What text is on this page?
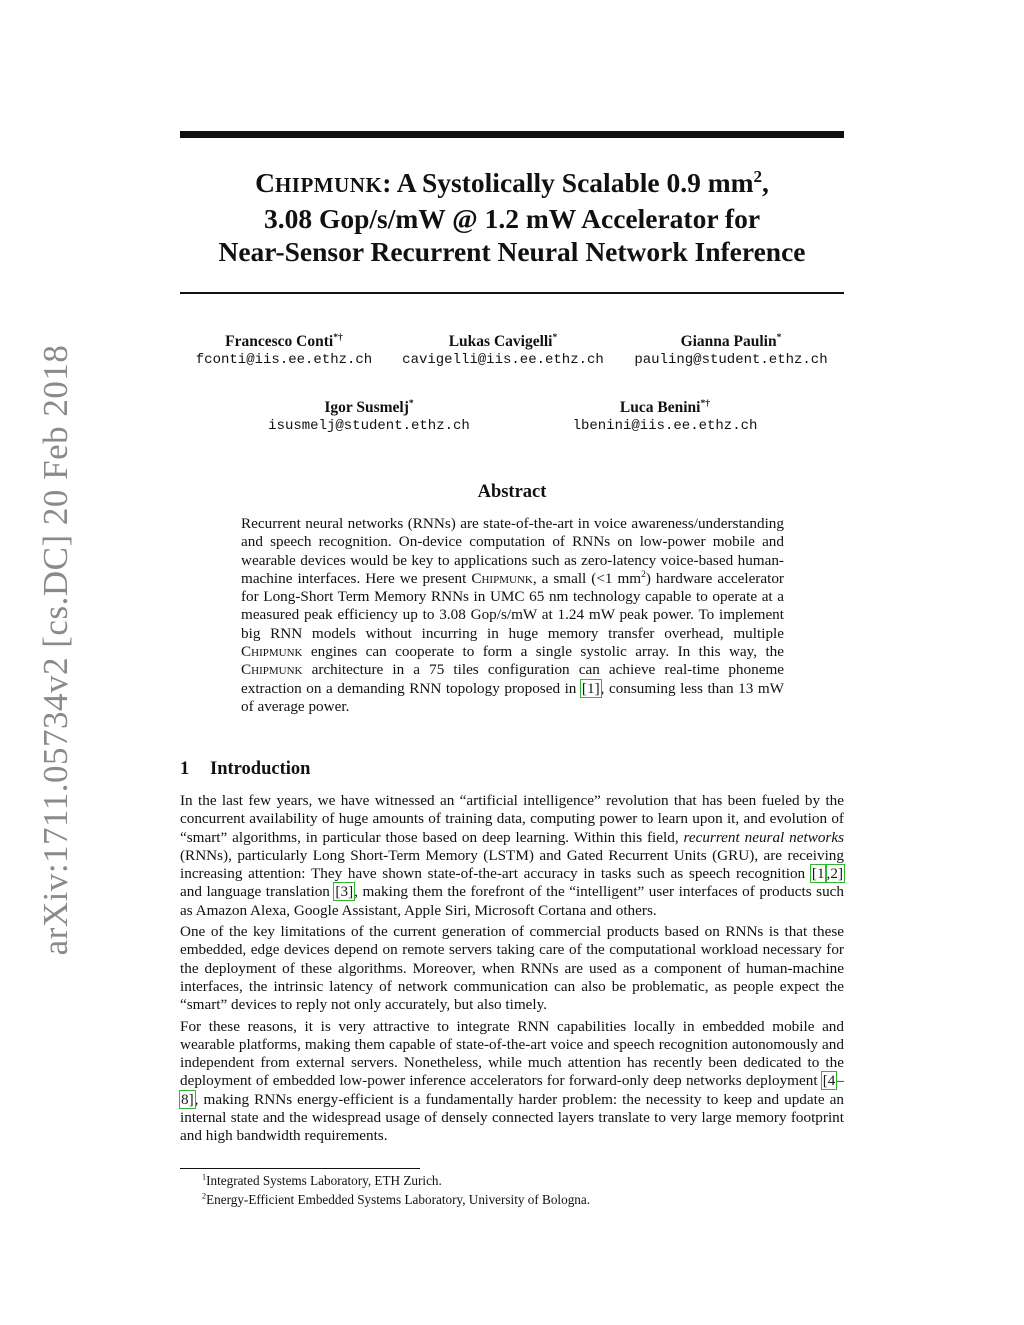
arXiv:1711.05734v2 [cs.DC] 20 Feb 2018
CHIPMUNK: A Systolically Scalable 0.9 $mm^2$,
3.08 Gop/s/mW @ 1.2 mW Accelerator for
Near-Sensor Recurrent Neural Network Inference
Francesco Conti*†
fconti@iis.ee.ethz.ch
Lukas Cavigelli*
cavigelli@iis.ee.ethz.ch
Gianna Paulin*
pauling@student.ethz.ch
Igor Susmelj*
isusmelj@student.ethz.ch
Luca Benini*†
lbenini@iis.ee.ethz.ch
Abstract
Recurrent neural networks (RNNs) are state-of-the-art in voice awareness/understanding and speech recognition. On-device computation of RNNs on low-power mobile and wearable devices would be key to applications such as zero-latency voice-based human-machine interfaces. Here we present Chipmunk, a small (<1 $mm^2$) hardware accelerator for Long-Short Term Memory RNNs in UMC 65 nm technology capable to operate at a measured peak efficiency up to 3.08 Gop/s/mW at 1.24 mW peak power. To implement big RNN models without incurring in huge memory transfer overhead, multiple Chipmunk engines can cooperate to form a single systolic array. In this way, the Chipmunk architecture in a 75 tiles configuration can achieve real-time phoneme extraction on a demanding RNN topology proposed in [1], consuming less than 13 mW of average power.
1 Introduction

In the last few years, we have witnessed an “artificial intelligence” revolution that has been fueled by the concurrent availability of huge amounts of training data, computing power to learn upon it, and evolution of “smart” algorithms, in particular those based on deep learning. Within this field, recurrent neural networks (RNNs), particularly Long Short-Term Memory (LSTM) and Gated Recurrent Units (GRU), are receiving increasing attention: They have shown state-of-the-art accuracy in tasks such as speech recognition [1 ,2] and language translation [3], making them the forefront of the “intelligent” user interfaces of products such as Amazon Alexa, Google Assistant, Apple Siri, Microsoft Cortana and others.

One of the key limitations of the current generation of commercial products based on RNNs is that these embedded, edge devices depend on remote servers taking care of the computational workload necessary for the deployment of these algorithms. Moreover, when RNNs are used as a component of human-machine interfaces, the intrinsic latency of network communication can also be problematic, as people expect the “smart” devices to reply not only accurately, but also timely.

For these reasons, it is very attractive to integrate RNN capabilities locally in embedded mobile and wearable platforms, making them capable of state-of-the-art voice and speech recognition autonomously and independent from external servers. Nonetheless, while much attention has recently been dedicated to the deployment of embedded low-power inference accelerators for forward-only deep networks deployment [4–8], making RNNs energy-efficient is a fundamentally harder problem: the necessity to keep and update an internal state and the widespread usage of densely connected layers translate to very large memory footprint and high bandwidth requirements.

$^1$Integrated Systems Laboratory, ETH Zurich.
$^2$Energy-Efficient Embedded Systems Laboratory, University of Bologna.
